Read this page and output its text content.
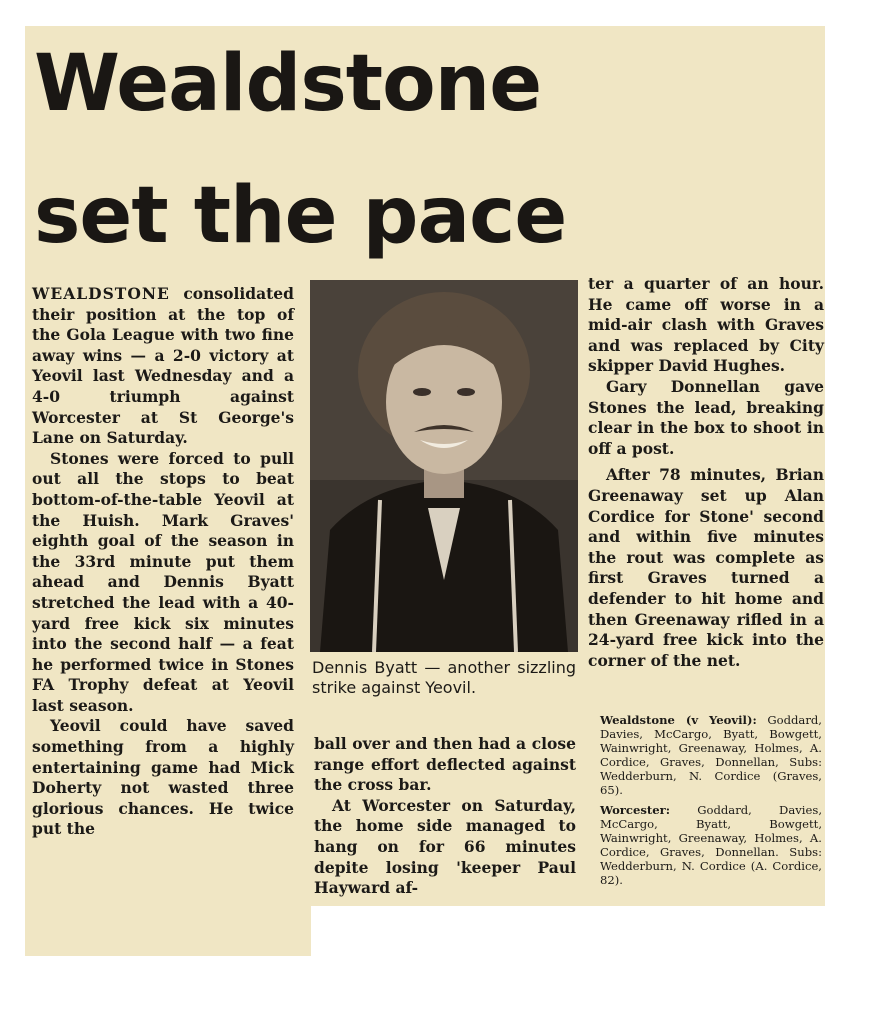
Wealdstone
set the pace

WEALDSTONE consolidated their position at the top of the Gola League with two fine away wins — a 2-0 victory at Yeovil last Wednesday and a 4-0 triumph against Worcester at St George's Lane on Saturday.

Stones were forced to pull out all the stops to beat bottom-of-the-table Yeovil at the Huish. Mark Graves' eighth goal of the season in the 33rd minute put them ahead and Dennis Byatt stretched the lead with a 40-yard free kick six minutes into the second half — a feat he performed twice in Stones FA Trophy defeat at Yeovil last season.

Yeovil could have saved something from a highly entertaining game had Mick Doherty not wasted three glorious chances. He twice put the

Dennis Byatt — another sizzling strike against Yeovil.

ball over and then had a close range effort deflected against the cross bar.

At Worcester on Saturday, the home side managed to hang on for 66 minutes depite losing 'keeper Paul Hayward af-

ter a quarter of an hour. He came off worse in a mid-air clash with Graves and was replaced by City skipper David Hughes.

Gary Donnellan gave Stones the lead, breaking clear in the box to shoot in off a post.

After 78 minutes, Brian Greenaway set up Alan Cordice for Stone' second and within five minutes the rout was complete as first Graves turned a defender to hit home and then Greenaway rifled in a 24-yard free kick into the corner of the net.

Wealdstone (v Yeovil): Goddard, Davies, McCargo, Byatt, Bowgett, Wainwright, Greenaway, Holmes, A. Cordice, Graves, Donnellan, Subs: Wedderburn, N. Cordice (Graves, 65).

Worcester: Goddard, Davies, McCargo, Byatt, Bowgett, Wainwright, Greenaway, Holmes, A. Cordice, Graves, Donnellan. Subs: Wedderburn, N. Cordice (A. Cordice, 82).
